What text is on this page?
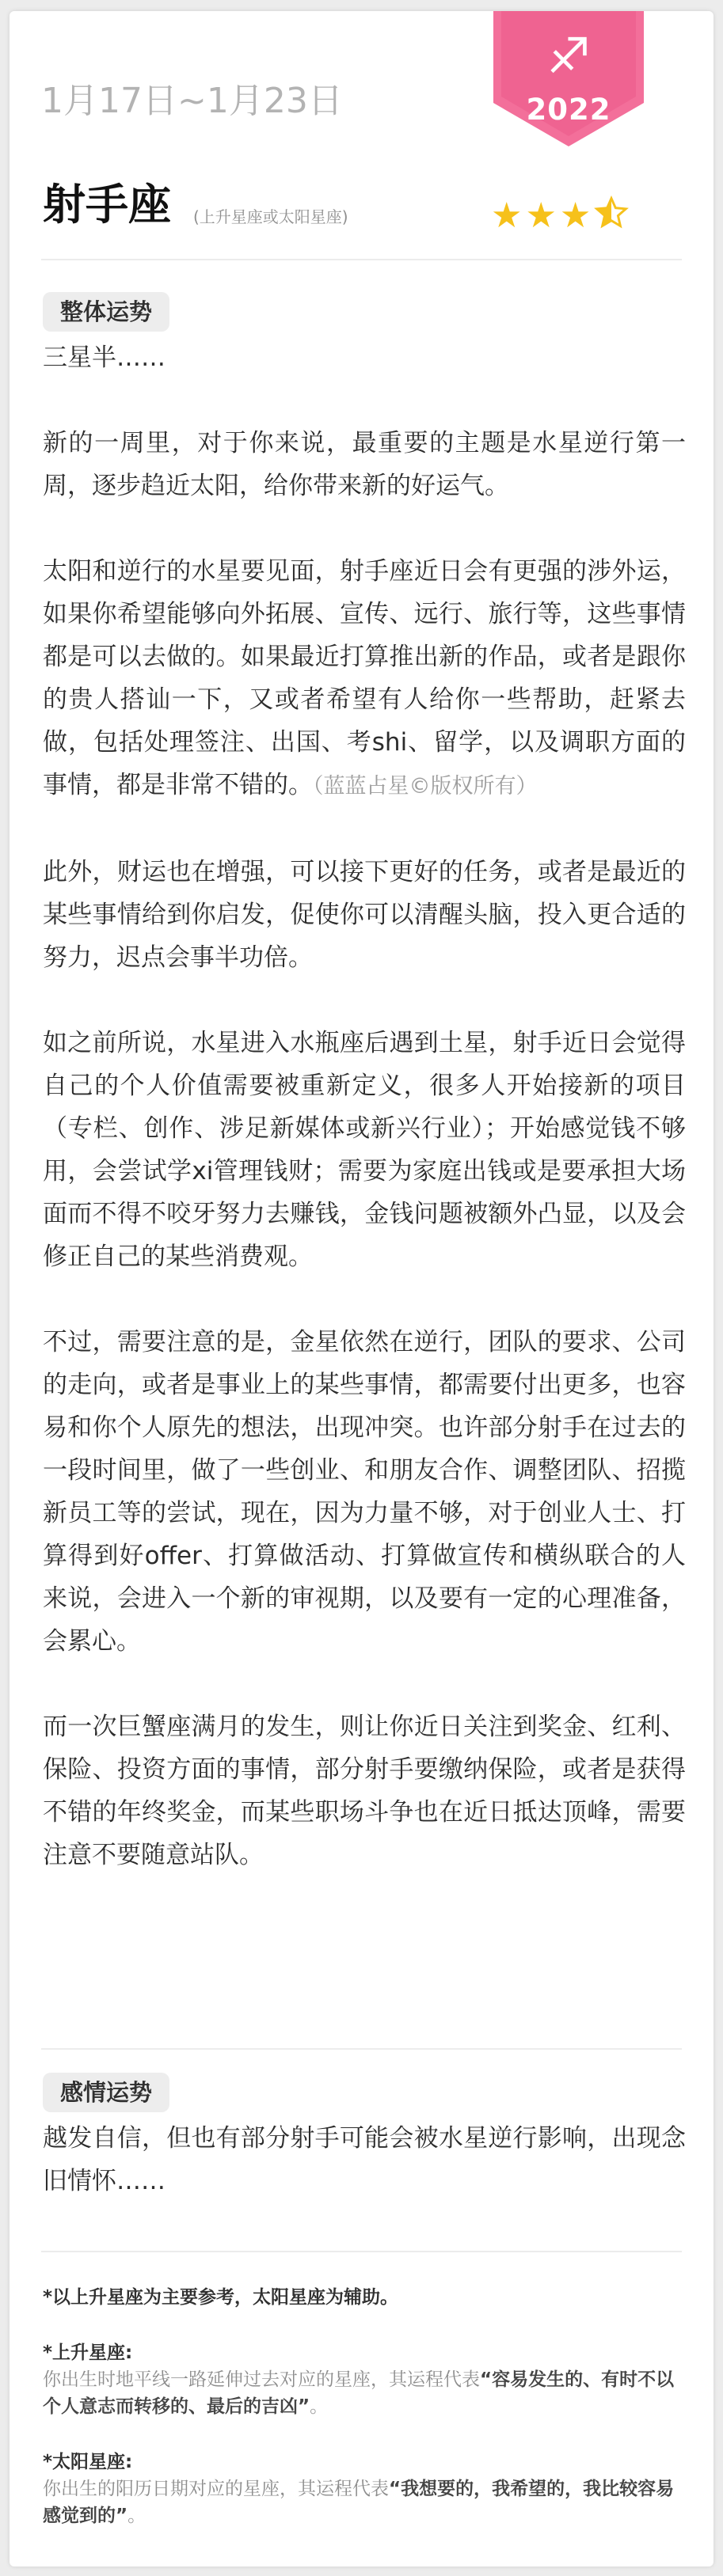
♐
2022
1月17日~1月23日
射手座 (上升星座或太阳星座)	★★★
整体运势

三星半……

新的一周里，对于你来说，最重要的主题是水星逆行第一周，逐步趋近太阳，给你带来新的好运气。

太阳和逆行的水星要见面，射手座近日会有更强的涉外运，如果你希望能够向外拓展、宣传、远行、旅行等，这些事情都是可以去做的。如果最近打算推出新的作品，或者是跟你的贵人搭讪一下，又或者希望有人给你一些帮助，赶紧去做，包括处理签注、出国、考shi、留学，以及调职方面的事情，都是非常不错的。（蓝蓝占星©版权所有）

此外，财运也在增强，可以接下更好的任务，或者是最近的某些事情给到你启发，促使你可以清醒头脑，投入更合适的努力，迟点会事半功倍。

如之前所说，水星进入水瓶座后遇到土星，射手近日会觉得自己的个人价值需要被重新定义，很多人开始接新的项目（专栏、创作、涉足新媒体或新兴行业）；开始感觉钱不够用，会尝试学xi管理钱财；需要为家庭出钱或是要承担大场面而不得不咬牙努力去赚钱，金钱问题被额外凸显，以及会修正自己的某些消费观。

不过，需要注意的是，金星依然在逆行，团队的要求、公司的走向，或者是事业上的某些事情，都需要付出更多，也容易和你个人原先的想法，出现冲突。也许部分射手在过去的一段时间里，做了一些创业、和朋友合作、调整团队、招揽新员工等的尝试，现在，因为力量不够，对于创业人士、打算得到好offer、打算做活动、打算做宣传和横纵联合的人来说，会进入一个新的审视期，以及要有一定的心理准备，会累心。

而一次巨蟹座满月的发生，则让你近日关注到奖金、红利、保险、投资方面的事情，部分射手要缴纳保险，或者是获得不错的年终奖金，而某些职场斗争也在近日抵达顶峰，需要注意不要随意站队。

感情运势

越发自信，但也有部分射手可能会被水星逆行影响，出现念旧情怀……

*以上升星座为主要参考，太阳星座为辅助。
*上升星座:
你出生时地平线一路延伸过去对应的星座，其运程代表“容易发生的、有时不以个人意志而转移的、最后的吉凶”。
*太阳星座:
你出生的阳历日期对应的星座，其运程代表“我想要的，我希望的，我比较容易感觉到的”。
